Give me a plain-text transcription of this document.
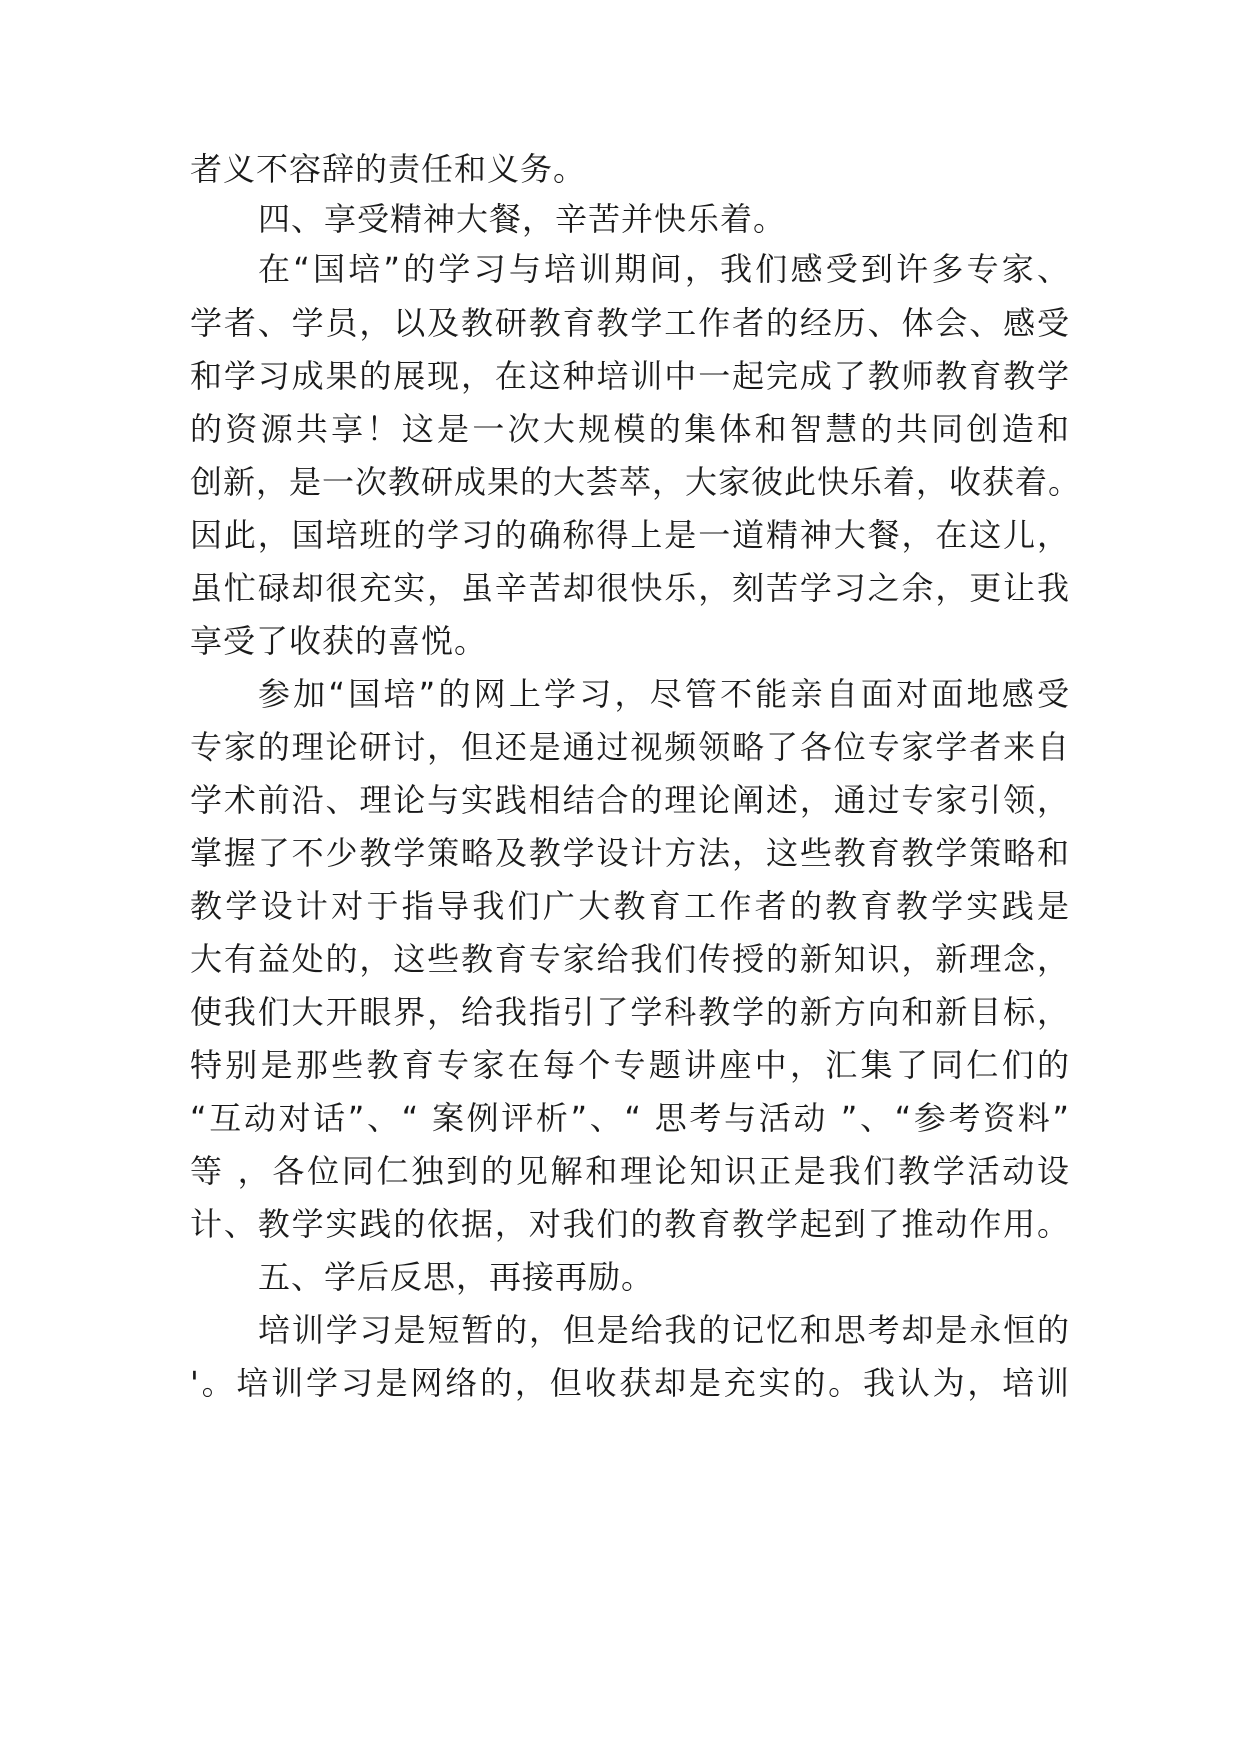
者义不容辞的责任和义务。
四、享受精神大餐，辛苦并快乐着。
在“国培”的学习与培训期间，我们感受到许多专家、
学者、学员，以及教研教育教学工作者的经历、体会、感受
和学习成果的展现，在这种培训中一起完成了教师教育教学
的资源共享！这是一次大规模的集体和智慧的共同创造和
创新，是一次教研成果的大荟萃，大家彼此快乐着，收获着。
因此，国培班的学习的确称得上是一道精神大餐，在这儿，
虽忙碌却很充实，虽辛苦却很快乐，刻苦学习之余，更让我
享受了收获的喜悦。
参加“国培”的网上学习，尽管不能亲自面对面地感受
专家的理论研讨，但还是通过视频领略了各位专家学者来自
学术前沿、理论与实践相结合的理论阐述，通过专家引领，
掌握了不少教学策略及教学设计方法，这些教育教学策略和
教学设计对于指导我们广大教育工作者的教育教学实践是
大有益处的，这些教育专家给我们传授的新知识，新理念，
使我们大开眼界，给我指引了学科教学的新方向和新目标，
特别是那些教育专家在每个专题讲座中，汇集了同仁们的
“互动对话”、“ 案例评析”、“ 思考与活动 ”、“参考资料”
等 ，各位同仁独到的见解和理论知识正是我们教学活动设
计、教学实践的依据，对我们的教育教学起到了推动作用。
五、学后反思，再接再励。
培训学习是短暂的，但是给我的记忆和思考却是永恒的
'。培训学习是网络的，但收获却是充实的。我认为，培训
